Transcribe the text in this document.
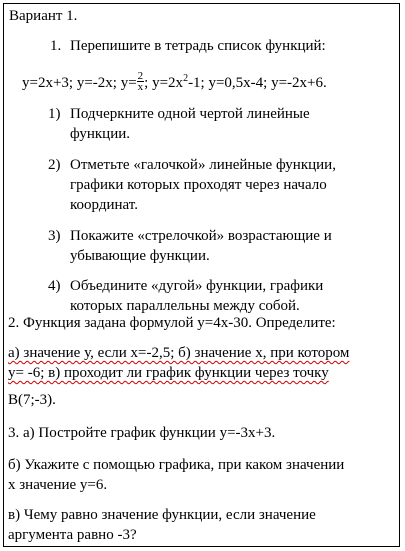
Вариант 1.
1. Перепишите в тетрадь список функций:
y=2x+3; y=-2x; $y= \frac{2}{x}$ ; $y=2x^2-1$; y=0,5x-4; y=-2x+6.
1) Подчеркните одной чертой линейные
функции.
2) Отметьте «галочкой» линейные функции,
графики которых проходят через начало
координат.
3) Покажите «стрелочкой» возрастающие и
убывающие функции.
4) Объедините «дугой» функции, графики
которых параллельны между собой.
2. Функция задана формулой y=4x-30. Определите:
а) значение у, если х=-2,5; б) значение х, при котором
у= -6; в) проходит ли график функции через точку
В(7;-3).
3. а) Постройте график функции у=-3х+3.
б) Укажите с помощью графика, при каком значении
х значение у=6.
в) Чему равно значение функции, если значение
аргумента равно -3?
